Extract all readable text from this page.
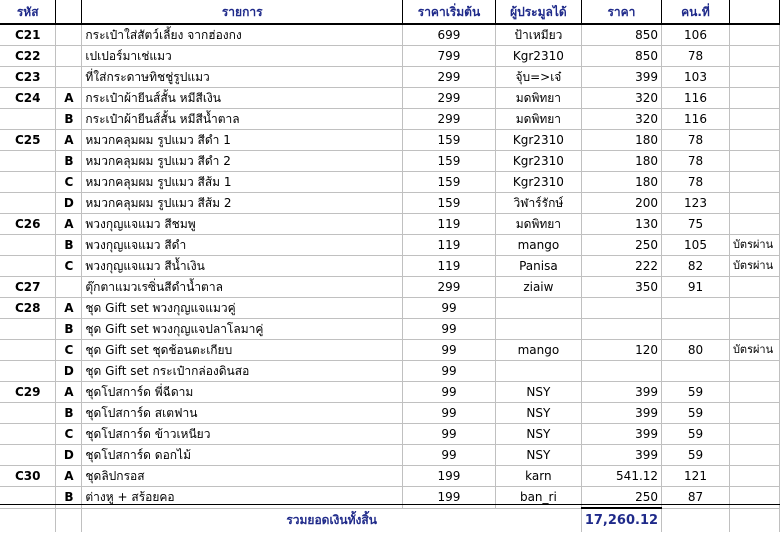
รหัส		รายการ	ราคาเริ่มต้น	ผู้ประมูลได้	ราคา	คน.ที่	
C21		กระเป๋าใส่สัตว์เลี้ยง จากฮ่องกง	699	ป้าเหมียว	850	106	
C22		เปเปอร์มาเช่แมว	799	Kgr2310	850	78	
C23		ที่ใส่กระดาษทิชชู่รูปแมว	299	จุ้บ=>เจ๋	399	103	
C24	A	กระเป๋าผ้ายีนส์สั้น หมีสีเงิน	299	มดพิทยา	320	116	
	B	กระเป๋าผ้ายีนส์สั้น หมีสีน้ำตาล	299	มดพิทยา	320	116	
C25	A	หมวกคลุมผม รูปแมว สีดำ 1	159	Kgr2310	180	78	
	B	หมวกคลุมผม รูปแมว สีดำ 2	159	Kgr2310	180	78	
	C	หมวกคลุมผม รูปแมว สีส้ม 1	159	Kgr2310	180	78	
	D	หมวกคลุมผม รูปแมว สีส้ม 2	159	วิฬาร์รักษ์	200	123	
C26	A	พวงกุญแจแมว สีชมพู	119	มดพิทยา	130	75	
	B	พวงกุญแจแมว สีดำ	119	mango	250	105	บัตรผ่าน
	C	พวงกุญแจแมว สีน้ำเงิน	119	Panisa	222	82	บัตรผ่าน
C27		ตุ๊กตาแมวเรซิ่นสีดำน้ำตาล	299	ziaiw	350	91	
C28	A	ชุด Gift set พวงกุญแจแมวคู่	99				
	B	ชุด Gift set พวงกุญแจปลาโลมาคู่	99				
	C	ชุด Gift set ชุดช้อนตะเกียบ	99	mango	120	80	บัตรผ่าน
	D	ชุด Gift set กระเป๋ากล่องดินสอ	99				
C29	A	ชุดโปสการ์ด พี่ฉีดาม	99	NSY	399	59	
	B	ชุดโปสการ์ด สเตฟาน	99	NSY	399	59	
	C	ชุดโปสการ์ด ข้าวเหนียว	99	NSY	399	59	
	D	ชุดโปสการ์ด ดอกไม้	99	NSY	399	59	
C30	A	ชุดลิปกรอส	199	karn	541.12	121	
	B	ต่างหู + สร้อยคอ	199	ban_ri	250	87	
		รวมยอดเงินทั้งสิ้น			17,260.12		
